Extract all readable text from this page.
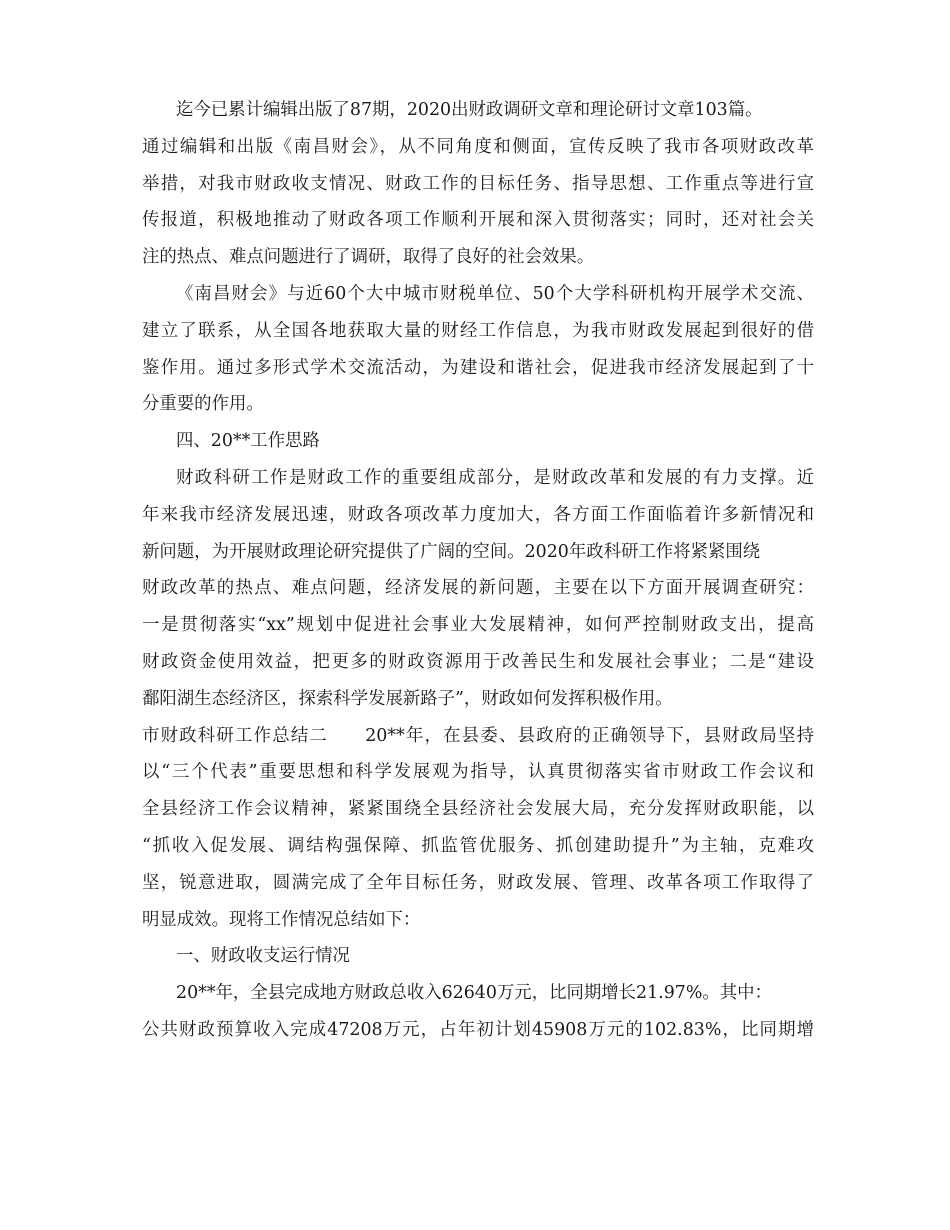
迄今已累计编辑出版了87期，2020出财政调研文章和理论研讨文章103篇。
通过编辑和出版《南昌财会》，从不同角度和侧面，宣传反映了我市各项财政改革
举措，对我市财政收支情况、财政工作的目标任务、指导思想、工作重点等进行宣
传报道，积极地推动了财政各项工作顺利开展和深入贯彻落实；同时，还对社会关
注的热点、难点问题进行了调研，取得了良好的社会效果。
《南昌财会》与近60个大中城市财税单位、50个大学科研机构开展学术交流、
建立了联系，从全国各地获取大量的财经工作信息，为我市财政发展起到很好的借
鉴作用。通过多形式学术交流活动，为建设和谐社会，促进我市经济发展起到了十
分重要的作用。
四、20**工作思路
财政科研工作是财政工作的重要组成部分，是财政改革和发展的有力支撑。近
年来我市经济发展迅速，财政各项改革力度加大，各方面工作面临着许多新情况和
新问题，为开展财政理论研究提供了广阔的空间。2020年政科研工作将紧紧围绕
财政改革的热点、难点问题，经济发展的新问题，主要在以下方面开展调查研究：
一是贯彻落实“xx”规划中促进社会事业大发展精神，如何严控制财政支出，提高
财政资金使用效益，把更多的财政资源用于改善民生和发展社会事业；二是“建设
鄱阳湖生态经济区，探索科学发展新路子”，财政如何发挥积极作用。
市财政科研工作总结二　　20**年，在县委、县政府的正确领导下，县财政局坚持
以“三个代表”重要思想和科学发展观为指导，认真贯彻落实省市财政工作会议和
全县经济工作会议精神，紧紧围绕全县经济社会发展大局，充分发挥财政职能，以
“抓收入促发展、调结构强保障、抓监管优服务、抓创建助提升”为主轴，克难攻
坚，锐意进取，圆满完成了全年目标任务，财政发展、管理、改革各项工作取得了
明显成效。现将工作情况总结如下：
一、财政收支运行情况
20**年，全县完成地方财政总收入62640万元，比同期增长21.97%。其中：
公共财政预算收入完成47208万元，占年初计划45908万元的102.83%，比同期增
